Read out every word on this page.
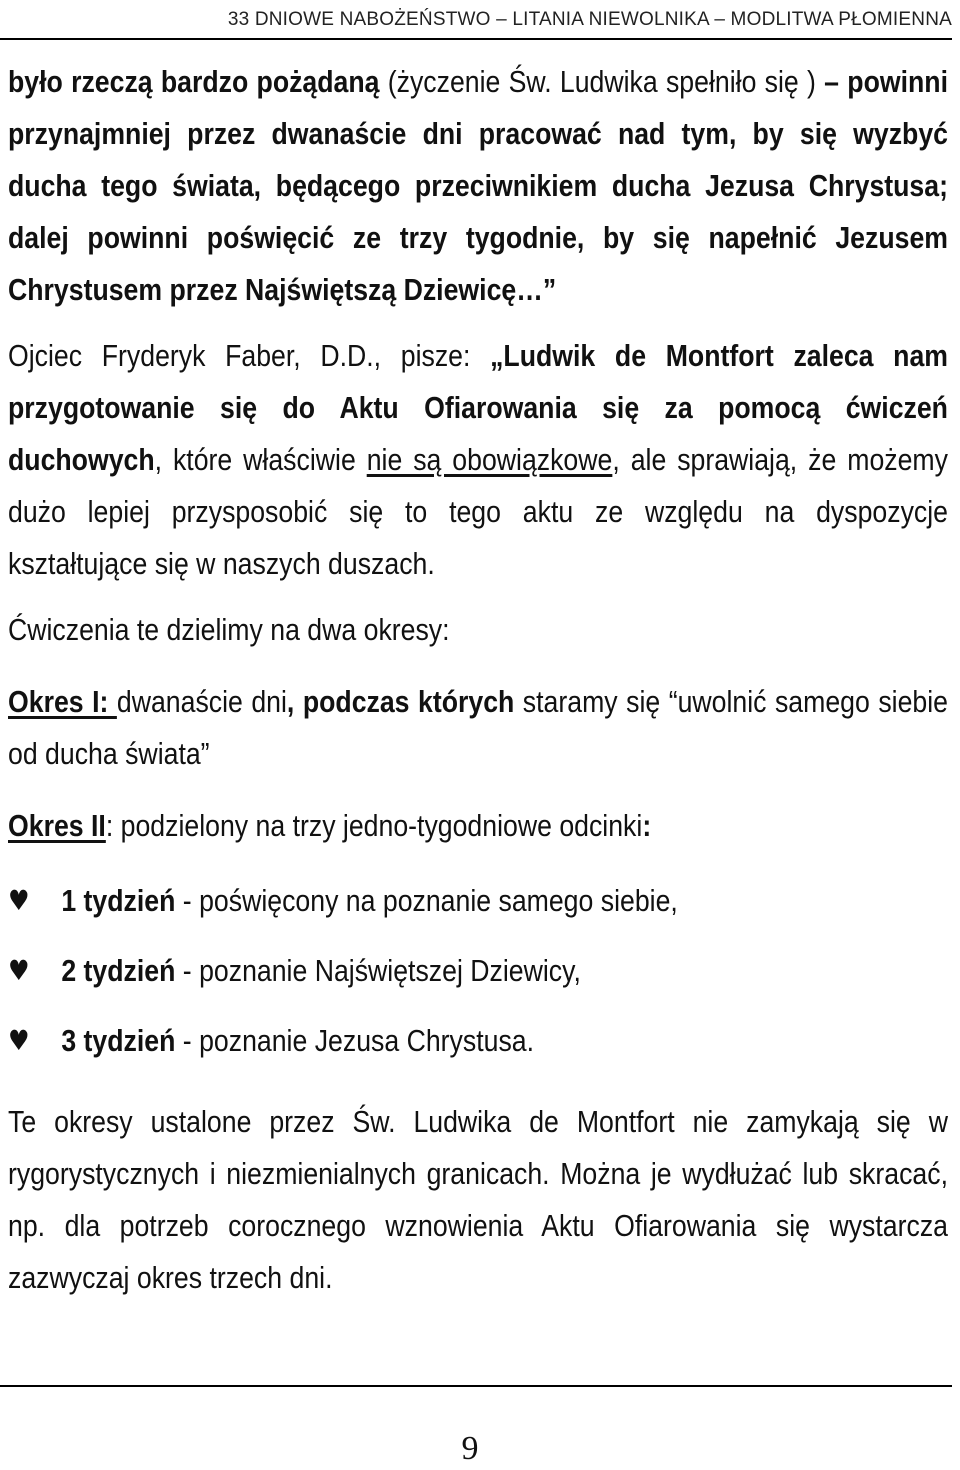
33 DNIOWE NABOŻEŃSTWO – LITANIA NIEWOLNIKA – MODLITWA PŁOMIENNA

było rzeczą bardzo pożądaną (życzenie Św. Ludwika spełniło się ) – powinni przynajmniej przez dwanaście dni pracować nad tym, by się wyzbyć ducha tego świata, będącego przeciwnikiem ducha Jezusa Chrystusa; dalej powinni poświęcić ze trzy tygodnie, by się napełnić Jezusem Chrystusem przez Najświętszą Dziewicę…”

Ojciec Fryderyk Faber, D.D., pisze: „Ludwik de Montfort zaleca nam przygotowanie się do Aktu Ofiarowania się za pomocą ćwiczeń duchowych, które właściwie nie są obowiązkowe, ale sprawiają, że możemy dużo lepiej przysposobić się to tego aktu ze względu na dyspozycje kształtujące się w naszych duszach.

Ćwiczenia te dzielimy na dwa okresy:

Okres I: dwanaście dni, podczas których staramy się “uwolnić samego siebie od ducha świata”

Okres II: podzielony na trzy jedno-tygodniowe odcinki:

♥ 1 tydzień - poświęcony na poznanie samego siebie,
♥ 2 tydzień - poznanie Najświętszej Dziewicy,
♥ 3 tydzień - poznanie Jezusa Chrystusa.

Te okresy ustalone przez Św. Ludwika de Montfort nie zamykają się w rygorystycznych i niezmienialnych granicach. Można je wydłużać lub skracać, np. dla potrzeb corocznego wznowienia Aktu Ofiarowania się wystarcza zazwyczaj okres trzech dni.

9
